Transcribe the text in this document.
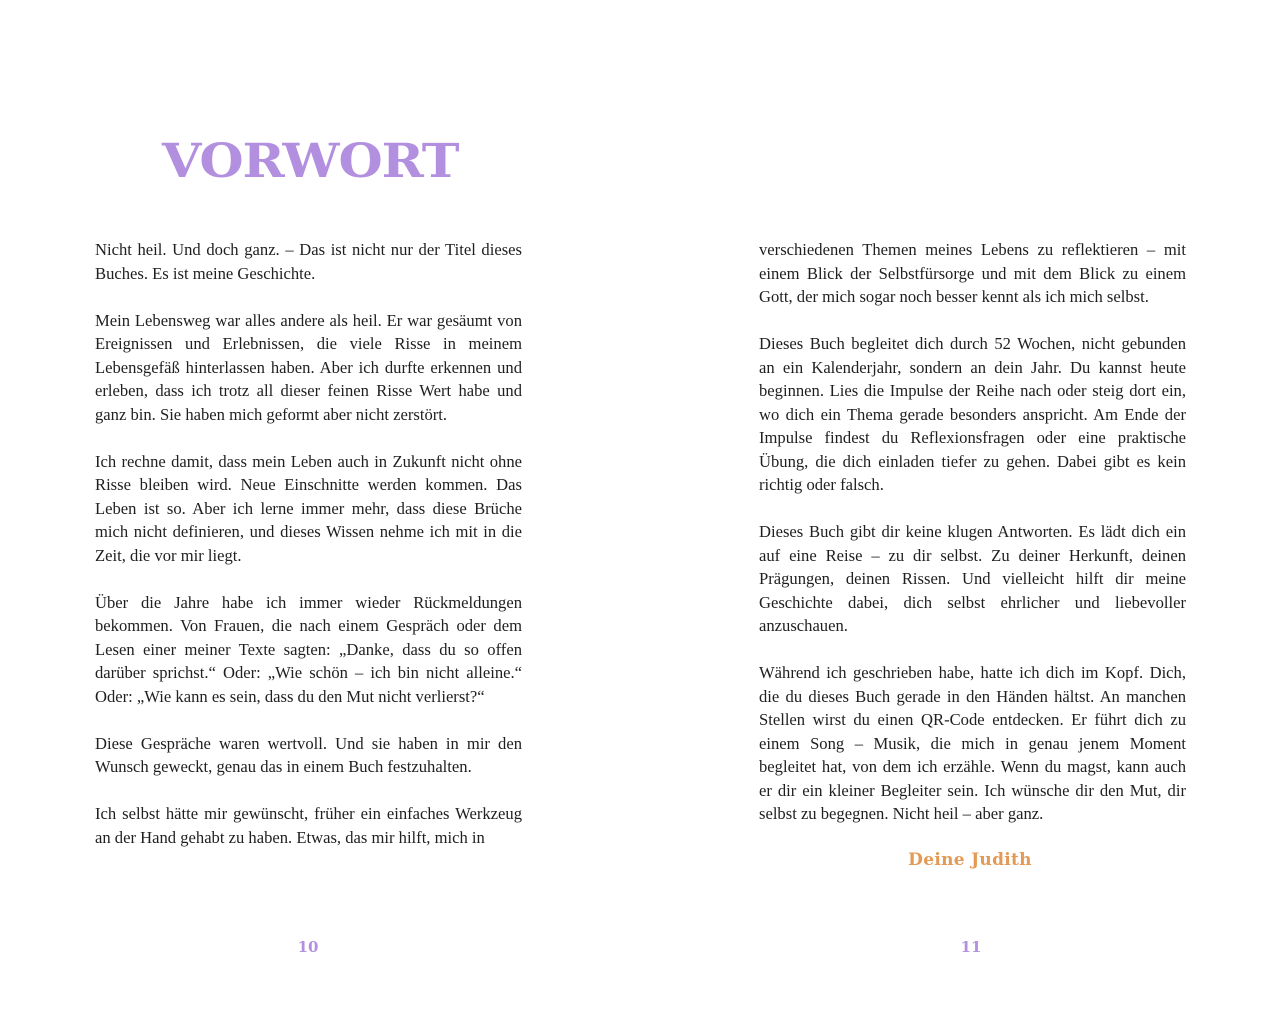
VORWORT

Nicht heil. Und doch ganz. – Das ist nicht nur der Titel dieses Buches. Es ist meine Geschichte.

Mein Lebensweg war alles andere als heil. Er war gesäumt von Ereignissen und Erlebnissen, die viele Risse in meinem Lebensgefäß hinterlassen haben. Aber ich durfte erkennen und erleben, dass ich trotz all dieser feinen Risse Wert habe und ganz bin. Sie haben mich geformt aber nicht zerstört.

Ich rechne damit, dass mein Leben auch in Zukunft nicht ohne Risse bleiben wird. Neue Einschnitte werden kommen. Das Leben ist so. Aber ich lerne immer mehr, dass diese Brüche mich nicht definieren, und dieses Wissen nehme ich mit in die Zeit, die vor mir liegt.

Über die Jahre habe ich immer wieder Rückmeldungen bekommen. Von Frauen, die nach einem Gespräch oder dem Lesen einer meiner Texte sagten: „Danke, dass du so offen darüber sprichst.“ Oder: „Wie schön – ich bin nicht alleine.“ Oder: „Wie kann es sein, dass du den Mut nicht verlierst?“

Diese Gespräche waren wertvoll. Und sie haben in mir den Wunsch geweckt, genau das in einem Buch festzuhalten.

Ich selbst hätte mir gewünscht, früher ein einfaches Werkzeug an der Hand gehabt zu haben. Etwas, das mir hilft, mich in

10

verschiedenen Themen meines Lebens zu reflektieren – mit einem Blick der Selbstfürsorge und mit dem Blick zu einem Gott, der mich sogar noch besser kennt als ich mich selbst.

Dieses Buch begleitet dich durch 52 Wochen, nicht gebunden an ein Kalenderjahr, sondern an dein Jahr. Du kannst heute beginnen. Lies die Impulse der Reihe nach oder steig dort ein, wo dich ein Thema gerade besonders anspricht. Am Ende der Impulse findest du Reflexionsfragen oder eine praktische Übung, die dich einladen tiefer zu gehen. Dabei gibt es kein richtig oder falsch.

Dieses Buch gibt dir keine klugen Antworten. Es lädt dich ein auf eine Reise – zu dir selbst. Zu deiner Herkunft, deinen Prägungen, deinen Rissen. Und vielleicht hilft dir meine Geschichte dabei, dich selbst ehrlicher und liebevoller anzuschauen.

Während ich geschrieben habe, hatte ich dich im Kopf. Dich, die du dieses Buch gerade in den Händen hältst. An manchen Stellen wirst du einen QR-Code entdecken. Er führt dich zu einem Song – Musik, die mich in genau jenem Moment begleitet hat, von dem ich erzähle. Wenn du magst, kann auch er dir ein kleiner Begleiter sein. Ich wünsche dir den Mut, dir selbst zu begegnen. Nicht heil – aber ganz.

Deine Judith

11
